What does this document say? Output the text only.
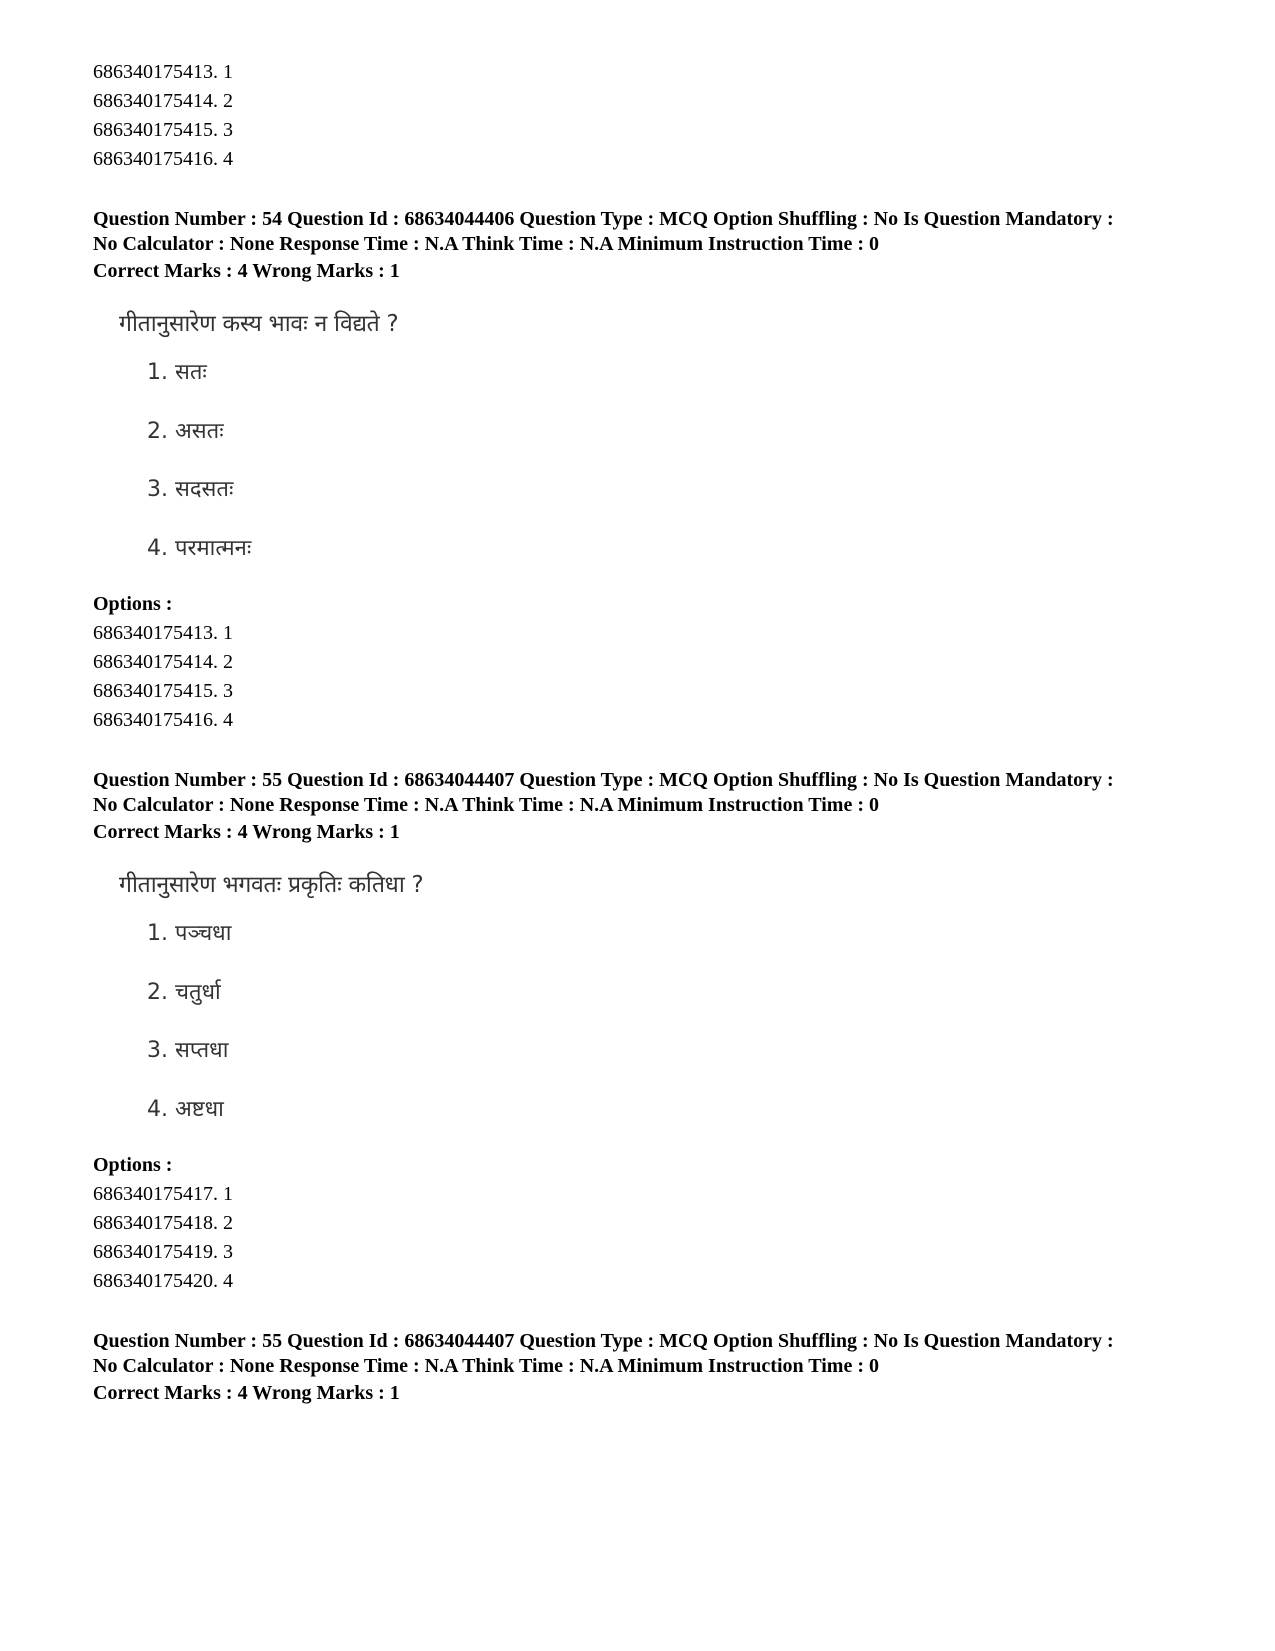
686340175413. 1
686340175414. 2
686340175415. 3
686340175416. 4
Question Number : 54 Question Id : 68634044406 Question Type : MCQ Option Shuffling : No Is Question Mandatory :
No Calculator : None Response Time : N.A Think Time : N.A Minimum Instruction Time : 0
Correct Marks : 4 Wrong Marks : 1
गीतानुसारेण कस्य भावः न विद्यते ?
1. सतः
2. असतः
3. सदसतः
4. परमात्मनः
Options :
686340175413. 1
686340175414. 2
686340175415. 3
686340175416. 4
Question Number : 55 Question Id : 68634044407 Question Type : MCQ Option Shuffling : No Is Question Mandatory :
No Calculator : None Response Time : N.A Think Time : N.A Minimum Instruction Time : 0
Correct Marks : 4 Wrong Marks : 1
गीतानुसारेण भगवतः प्रकृतिः कतिधा ?
1. पञ्चधा
2. चतुर्धा
3. सप्तधा
4. अष्टधा
Options :
686340175417. 1
686340175418. 2
686340175419. 3
686340175420. 4
Question Number : 55 Question Id : 68634044407 Question Type : MCQ Option Shuffling : No Is Question Mandatory :
No Calculator : None Response Time : N.A Think Time : N.A Minimum Instruction Time : 0
Correct Marks : 4 Wrong Marks : 1
